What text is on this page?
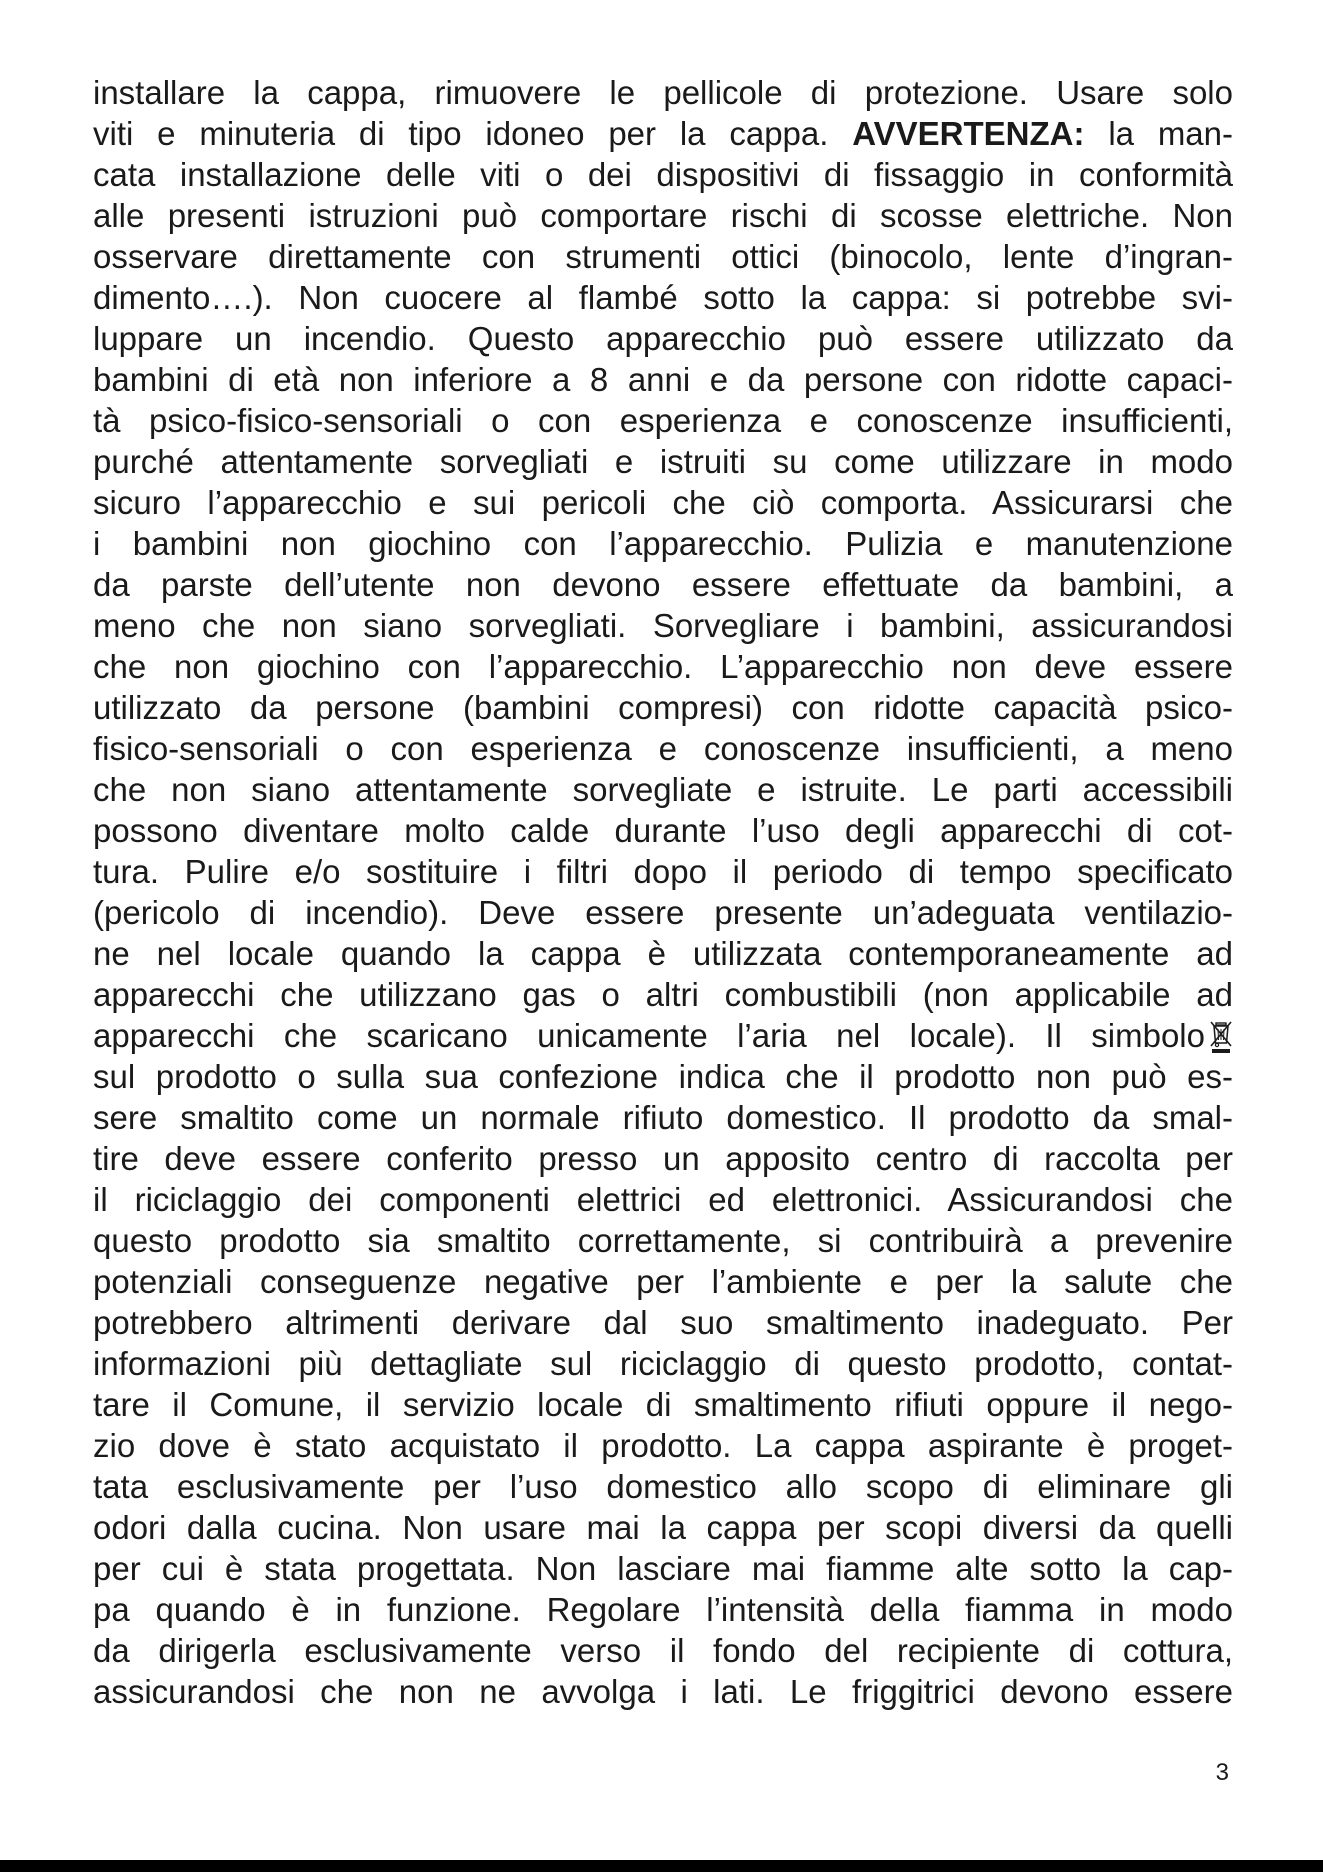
installare la cappa, rimuovere le pellicole di protezione. Usare solo
viti e minuteria di tipo idoneo per la cappa. AVVERTENZA: la man-
cata installazione delle viti o dei dispositivi di fissaggio in conformità
alle presenti istruzioni può comportare rischi di scosse elettriche. Non
osservare direttamente con strumenti ottici (binocolo, lente d’ingran-
dimento….). Non cuocere al flambé sotto la cappa: si potrebbe svi-
luppare un incendio. Questo apparecchio può essere utilizzato da
bambini di età non inferiore a 8 anni e da persone con ridotte capaci-
tà psico-fisico-sensoriali o con esperienza e conoscenze insufficienti,
purché attentamente sorvegliati e istruiti su come utilizzare in modo
sicuro l’apparecchio e sui pericoli che ciò comporta. Assicurarsi che
i bambini non giochino con l’apparecchio. Pulizia e manutenzione
da parste dell’utente non devono essere effettuate da bambini, a
meno che non siano sorvegliati. Sorvegliare i bambini, assicurandosi
che non giochino con l’apparecchio. L’apparecchio non deve essere
utilizzato da persone (bambini compresi) con ridotte capacità psico-
fisico-sensoriali o con esperienza e conoscenze insufficienti, a meno
che non siano attentamente sorvegliate e istruite. Le parti accessibili
possono diventare molto calde durante l’uso degli apparecchi di cot-
tura. Pulire e/o sostituire i filtri dopo il periodo di tempo specificato
(pericolo di incendio). Deve essere presente un’adeguata ventilazio-
ne nel locale quando la cappa è utilizzata contemporaneamente ad
apparecchi che utilizzano gas o altri combustibili (non applicabile ad
apparecchi che scaricano unicamente l’aria nel locale). Il simbolo
sul prodotto o sulla sua confezione indica che il prodotto non può es-
sere smaltito come un normale rifiuto domestico. Il prodotto da smal-
tire deve essere conferito presso un apposito centro di raccolta per
il riciclaggio dei componenti elettrici ed elettronici. Assicurandosi che
questo prodotto sia smaltito correttamente, si contribuirà a prevenire
potenziali conseguenze negative per l’ambiente e per la salute che
potrebbero altrimenti derivare dal suo smaltimento inadeguato. Per
informazioni più dettagliate sul riciclaggio di questo prodotto, contat-
tare il Comune, il servizio locale di smaltimento rifiuti oppure il nego-
zio dove è stato acquistato il prodotto. La cappa aspirante è proget-
tata esclusivamente per l’uso domestico allo scopo di eliminare gli
odori dalla cucina. Non usare mai la cappa per scopi diversi da quelli
per cui è stata progettata. Non lasciare mai fiamme alte sotto la cap-
pa quando è in funzione. Regolare l’intensità della fiamma in modo
da dirigerla esclusivamente verso il fondo del recipiente di cottura,
assicurandosi che non ne avvolga i lati. Le friggitrici devono essere
3
